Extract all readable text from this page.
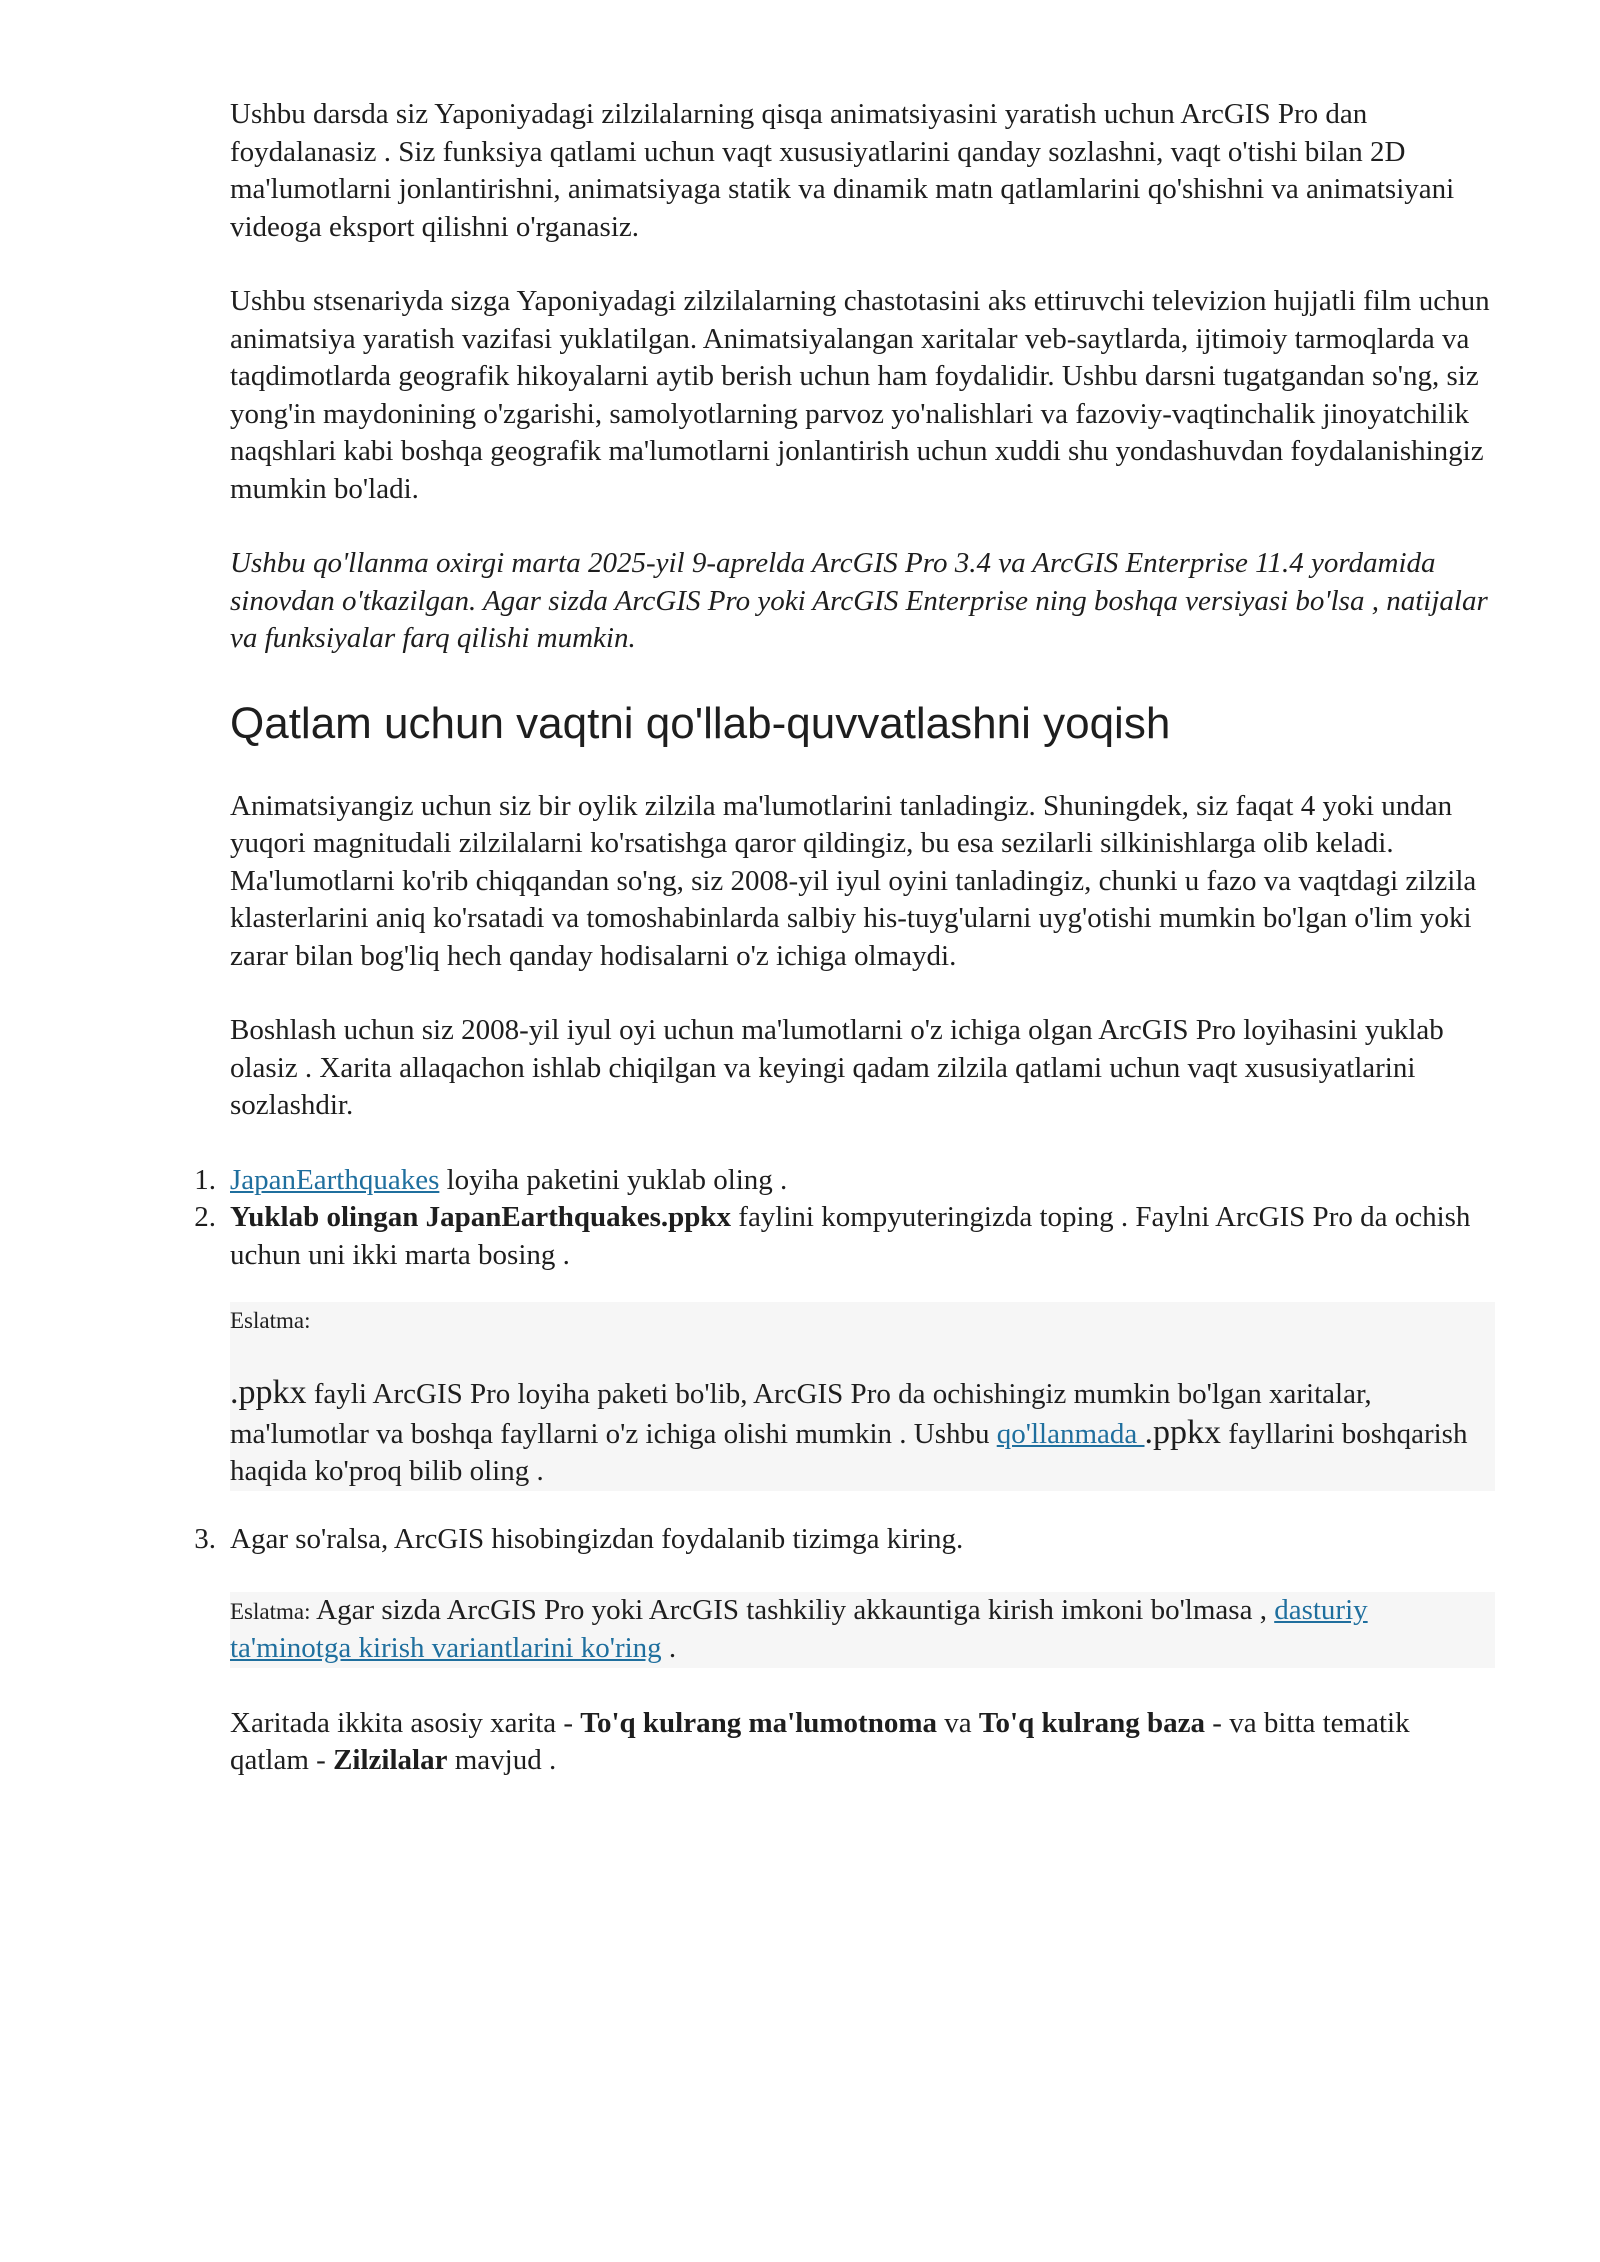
Ushbu darsda siz Yaponiyadagi zilzilalarning qisqa animatsiyasini yaratish uchun ArcGIS Pro dan foydalanasiz . Siz funksiya qatlami uchun vaqt xususiyatlarini qanday sozlashni, vaqt o'tishi bilan 2D ma'lumotlarni jonlantirishni, animatsiyaga statik va dinamik matn qatlamlarini qo'shishni va animatsiyani videoga eksport qilishni o'rganasiz.

Ushbu stsenariyda sizga Yaponiyadagi zilzilalarning chastotasini aks ettiruvchi televizion hujjatli film uchun animatsiya yaratish vazifasi yuklatilgan. Animatsiyalangan xaritalar veb-saytlarda, ijtimoiy tarmoqlarda va taqdimotlarda geografik hikoyalarni aytib berish uchun ham foydalidir. Ushbu darsni tugatgandan so'ng, siz yong'in maydonining o'zgarishi, samolyotlarning parvoz yo'nalishlari va fazoviy-vaqtinchalik jinoyatchilik naqshlari kabi boshqa geografik ma'lumotlarni jonlantirish uchun xuddi shu yondashuvdan foydalanishingiz mumkin bo'ladi.

Ushbu qo'llanma oxirgi marta 2025-yil 9-aprelda ArcGIS Pro 3.4 va ArcGIS Enterprise 11.4 yordamida sinovdan o'tkazilgan. Agar sizda ArcGIS Pro yoki ArcGIS Enterprise ning boshqa versiyasi bo'lsa , natijalar va funksiyalar farq qilishi mumkin.

Qatlam uchun vaqtni qo'llab-quvvatlashni yoqish

Animatsiyangiz uchun siz bir oylik zilzila ma'lumotlarini tanladingiz. Shuningdek, siz faqat 4 yoki undan yuqori magnitudali zilzilalarni ko'rsatishga qaror qildingiz, bu esa sezilarli silkinishlarga olib keladi. Ma'lumotlarni ko'rib chiqqandan so'ng, siz 2008-yil iyul oyini tanladingiz, chunki u fazo va vaqtdagi zilzila klasterlarini aniq ko'rsatadi va tomoshabinlarda salbiy his-tuyg'ularni uyg'otishi mumkin bo'lgan o'lim yoki zarar bilan bog'liq hech qanday hodisalarni o'z ichiga olmaydi.

Boshlash uchun siz 2008-yil iyul oyi uchun ma'lumotlarni o'z ichiga olgan ArcGIS Pro loyihasini yuklab olasiz . Xarita allaqachon ishlab chiqilgan va keyingi qadam zilzila qatlami uchun vaqt xususiyatlarini sozlashdir.

1. JapanEarthquakes loyiha paketini yuklab oling .
2. Yuklab olingan JapanEarthquakes.ppkx faylini kompyuteringizda toping . Faylni ArcGIS Pro da ochish uchun uni ikki marta bosing .
Eslatma:
.ppkx fayli ArcGIS Pro loyiha paketi bo'lib, ArcGIS Pro da ochishingiz mumkin bo'lgan xaritalar, ma'lumotlar va boshqa fayllarni o'z ichiga olishi mumkin . Ushbu qo'llanmada .ppkx fayllarini boshqarish haqida ko'proq bilib oling .
3. Agar so'ralsa, ArcGIS hisobingizdan foydalanib tizimga kiring.
Eslatma: Agar sizda ArcGIS Pro yoki ArcGIS tashkiliy akkauntiga kirish imkoni bo'lmasa , dasturiy ta'minotga kirish variantlarini ko'ring .

Xaritada ikkita asosiy xarita - To'q kulrang ma'lumotnoma va To'q kulrang baza - va bitta tematik qatlam - Zilzilalar mavjud .
